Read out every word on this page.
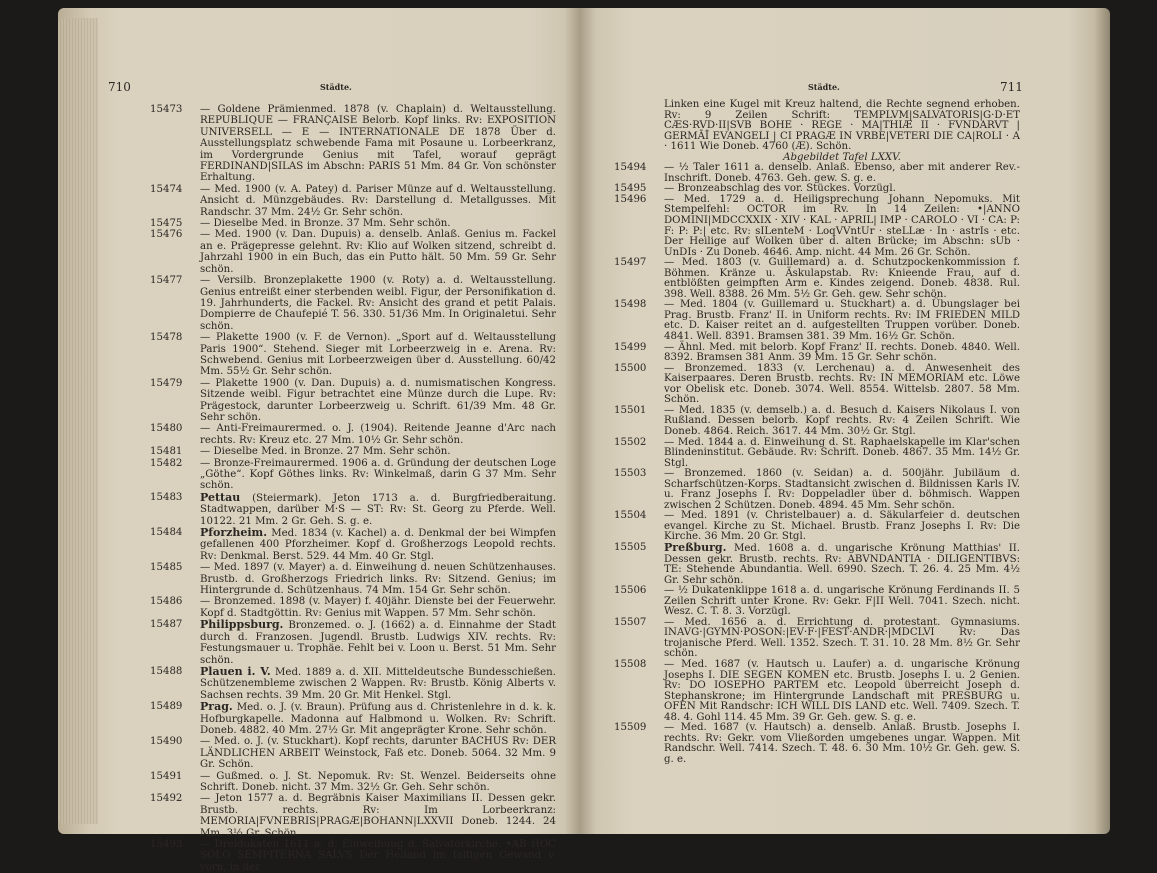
710	Städte.
15473	— Goldene Prämienmed. 1878 (v. Chaplain) d. Weltausstellung. REPUBLIQUE — FRANÇAISE Belorb. Kopf links. Rv: EXPOSITION UNIVERSELL — E — INTERNATIONALE DE 1878 Über d. Ausstellungsplatz schwebende Fama mit Posaune u. Lorbeerkranz, im Vordergrunde Genius mit Tafel, worauf geprägt FERDINAND|SILAS im Abschn: PARIS 51 Mm. 84 Gr. Von schönster Erhaltung.
15474	— Med. 1900 (v. A. Patey) d. Pariser Münze auf d. Weltausstellung. Ansicht d. Münzgebäudes. Rv: Darstellung d. Metallgusses. Mit Randschr. 37 Mm. 24½ Gr. Sehr schön.
15475	— Dieselbe Med. in Bronze. 37 Mm. Sehr schön.
15476	— Med. 1900 (v. Dan. Dupuis) a. denselb. Anlaß. Genius m. Fackel an e. Prägepresse gelehnt. Rv: Klio auf Wolken sitzend, schreibt d. Jahrzahl 1900 in ein Buch, das ein Putto hält. 50 Mm. 59 Gr. Sehr schön.
15477	— Versilb. Bronzeplakette 1900 (v. Roty) a. d. Weltausstellung. Genius entreißt einer sterbenden weibl. Figur, der Personifikation d. 19. Jahrhunderts, die Fackel. Rv: Ansicht des grand et petit Palais. Dompierre de Chaufepié T. 56. 330. 51/36 Mm. In Originaletui. Sehr schön.
15478	— Plakette 1900 (v. F. de Vernon). „Sport auf d. Weltausstellung Paris 1900“. Stehend. Sieger mit Lorbeerzweig in e. Arena. Rv: Schwebend. Genius mit Lorbeerzweigen über d. Ausstellung. 60/42 Mm. 55½ Gr. Sehr schön.
15479	— Plakette 1900 (v. Dan. Dupuis) a. d. numismatischen Kongress. Sitzende weibl. Figur betrachtet eine Münze durch die Lupe. Rv: Prägestock, darunter Lorbeerzweig u. Schrift. 61/39 Mm. 48 Gr. Sehr schön.
15480	— Anti-Freimaurermed. o. J. (1904). Reitende Jeanne d'Arc nach rechts. Rv: Kreuz etc. 27 Mm. 10½ Gr. Sehr schön.
15481	— Dieselbe Med. in Bronze. 27 Mm. Sehr schön.
15482	— Bronze-Freimaurermed. 1906 a. d. Gründung der deutschen Loge „Göthe“. Kopf Göthes links. Rv: Winkelmaß, darin G 37 Mm. Sehr schön.
15483	Pettau (Steiermark). Jeton 1713 a. d. Burgfriedberaitung. Stadtwappen, darüber M·S — ST: Rv: St. Georg zu Pferde. Well. 10122. 21 Mm. 2 Gr. Geh. S. g. e.
15484	Pforzheim. Med. 1834 (v. Kachel) a. d. Denkmal der bei Wimpfen gefallenen 400 Pforzheimer. Kopf d. Großherzogs Leopold rechts. Rv: Denkmal. Berst. 529. 44 Mm. 40 Gr. Stgl.
15485	— Med. 1897 (v. Mayer) a. d. Einweihung d. neuen Schützenhauses. Brustb. d. Großherzogs Friedrich links. Rv: Sitzend. Genius; im Hintergrunde d. Schützenhaus. 74 Mm. 154 Gr. Sehr schön.
15486	— Bronzemed. 1898 (v. Mayer) f. 40jähr. Dienste bei der Feuerwehr. Kopf d. Stadtgöttin. Rv: Genius mit Wappen. 57 Mm. Sehr schön.
15487	Philippsburg. Bronzemed. o. J. (1662) a. d. Einnahme der Stadt durch d. Franzosen. Jugendl. Brustb. Ludwigs XIV. rechts. Rv: Festungsmauer u. Trophäe. Fehlt bei v. Loon u. Berst. 51 Mm. Sehr schön.
15488	Plauen i. V. Med. 1889 a. d. XII. Mitteldeutsche Bundesschießen. Schützenembleme zwischen 2 Wappen. Rv: Brustb. König Alberts v. Sachsen rechts. 39 Mm. 20 Gr. Mit Henkel. Stgl.
15489	Prag. Med. o. J. (v. Braun). Prüfung aus d. Christenlehre in d. k. k. Hofburgkapelle. Madonna auf Halbmond u. Wolken. Rv: Schrift. Doneb. 4882. 40 Mm. 27½ Gr. Mit angeprägter Krone. Sehr schön.
15490	— Med. o. J. (v. Stuckhart). Kopf rechts, darunter BACHUS Rv: DER LÄNDLICHEN ARBEIT Weinstock, Faß etc. Doneb. 5064. 32 Mm. 9 Gr. Schön.
15491	— Gußmed. o. J. St. Nepomuk. Rv: St. Wenzel. Beiderseits ohne Schrift. Doneb. nicht. 37 Mm. 32½ Gr. Geh. Sehr schön.
15492	— Jeton 1577 a. d. Begräbnis Kaiser Maximilians II. Dessen gekr. Brustb. rechts. Rv: Im Lorbeerkranz: MEMORIA|FVNEBRIS|PRAGÆ|BOHANN|LXXVII Doneb. 1244. 24 Mm. 3½ Gr. Schön.
15493	— Dreidukaten 1611 a. d. Einweihung d. Salvatorkirche. •AB HOC SOLO SEMPITERNA SALVS Der Heiland im faltigen Gewand v. vorn, in der
Städte.	711
Linken eine Kugel mit Kreuz haltend, die Rechte segnend erhoben. Rv: 9 Zeilen Schrift: TEMPLVM|SALVATORIS|G·D·ET CÆS·RVD·II|SVB BOHE · REGE · MA|THIÆ II · FVNDARVT | GERMĀĪ EVANGELI | CI PRAGÆ IN VRBE|VETERI DIE CA|ROLI · A · 1611 Wie Doneb. 4760 (Æ). Schön.
Abgebildet Tafel LXXV.
15494	— ½ Taler 1611 a. denselb. Anlaß. Ebenso, aber mit anderer Rev.-Inschrift. Doneb. 4763. Geh. gew. S. g. e.
15495	— Bronzeabschlag des vor. Stückes. Vorzügl.
15496	— Med. 1729 a. d. Heiligsprechung Johann Nepomuks. Mit Stempelfehl: OCTOR im Rv. In 14 Zeilen: •|ANNO DOMINI|MDCCXXIX · XIV · KAL · APRIL| IMP · CAROLO · VI · CA: P: F: P: P:| etc. Rv: sILenteM · LoqVVntUr · steLLæ · In · astrIs · etc. Der Heilige auf Wolken über d. alten Brücke; im Abschn: sUb · UnDIs · Zu Doneb. 4646. Amp. nicht. 44 Mm. 26 Gr. Schön.
15497	— Med. 1803 (v. Guillemard) a. d. Schutzpockenkommission f. Böhmen. Kränze u. Äskulapstab. Rv: Knieende Frau, auf d. entblößten geimpften Arm e. Kindes zeigend. Doneb. 4838. Rul. 398. Well. 8388. 26 Mm. 5½ Gr. Geh. gew. Sehr schön.
15498	— Med. 1804 (v. Guillemard u. Stuckhart) a. d. Übungslager bei Prag. Brustb. Franz' II. in Uniform rechts. Rv: IM FRIEDEN MILD etc. D. Kaiser reitet an d. aufgestellten Truppen vorüber. Doneb. 4841. Well. 8391. Bramsen 381. 39 Mm. 16½ Gr. Schön.
15499	— Ähnl. Med. mit belorb. Kopf Franz' II. rechts. Doneb. 4840. Well. 8392. Bramsen 381 Anm. 39 Mm. 15 Gr. Sehr schön.
15500	— Bronzemed. 1833 (v. Lerchenau) a. d. Anwesenheit des Kaiserpaares. Deren Brustb. rechts. Rv: IN MEMORIAM etc. Löwe vor Obelisk etc. Doneb. 3074. Well. 8554. Wittelsb. 2807. 58 Mm. Schön.
15501	— Med. 1835 (v. demselb.) a. d. Besuch d. Kaisers Nikolaus I. von Rußland. Dessen belorb. Kopf rechts. Rv: 4 Zeilen Schrift. Wie Doneb. 4864. Reich. 3617. 44 Mm. 30½ Gr. Stgl.
15502	— Med. 1844 a. d. Einweihung d. St. Raphaelskapelle im Klar'schen Blindeninstitut. Gebäude. Rv: Schrift. Doneb. 4867. 35 Mm. 14½ Gr. Stgl.
15503	— Bronzemed. 1860 (v. Seidan) a. d. 500jähr. Jubiläum d. Scharfschützen-Korps. Stadtansicht zwischen d. Bildnissen Karls IV. u. Franz Josephs I. Rv: Doppeladler über d. böhmisch. Wappen zwischen 2 Schützen. Doneb. 4894. 45 Mm. Sehr schön.
15504	— Med. 1891 (v. Christelbauer) a. d. Säkularfeier d. deutschen evangel. Kirche zu St. Michael. Brustb. Franz Josephs I. Rv: Die Kirche. 36 Mm. 20 Gr. Stgl.
15505	Preßburg. Med. 1608 a. d. ungarische Krönung Matthias' II. Dessen gekr. Brustb. rechts. Rv: ABVNDANTIA · DILIGENTIBVS: TE: Stehende Abundantia. Well. 6990. Szech. T. 26. 4. 25 Mm. 4½ Gr. Sehr schön.
15506	— ½ Dukatenklippe 1618 a. d. ungarische Krönung Ferdinands II. 5 Zeilen Schrift unter Krone. Rv: Gekr. F|II Well. 7041. Szech. nicht. Wesz. C. T. 8. 3. Vorzügl.
15507	— Med. 1656 a. d. Errichtung d. protestant. Gymnasiums. INAVG·|GYMN·POSON:|EV·F·|FEST·ANDR·|MDCLVI Rv: Das trojanische Pferd. Well. 1352. Szech. T. 31. 10. 28 Mm. 8½ Gr. Sehr schön.
15508	— Med. 1687 (v. Hautsch u. Laufer) a. d. ungarische Krönung Josephs I. DIE SEGEN KOMEN etc. Brustb. Josephs I. u. 2 Genien. Rv: DO IOSEPHO PARTEM etc. Leopold überreicht Joseph d. Stephanskrone; im Hintergrunde Landschaft mit PRESBURG u. OFEN Mit Randschr: ICH WILL DIS LAND etc. Well. 7409. Szech. T. 48. 4. Gohl 114. 45 Mm. 39 Gr. Geh. gew. S. g. e.
15509	— Med. 1687 (v. Hautsch) a. denselb. Anlaß. Brustb. Josephs I. rechts. Rv: Gekr. vom Vließorden umgebenes ungar. Wappen. Mit Randschr. Well. 7414. Szech. T. 48. 6. 30 Mm. 10½ Gr. Geh. gew. S. g. e.
